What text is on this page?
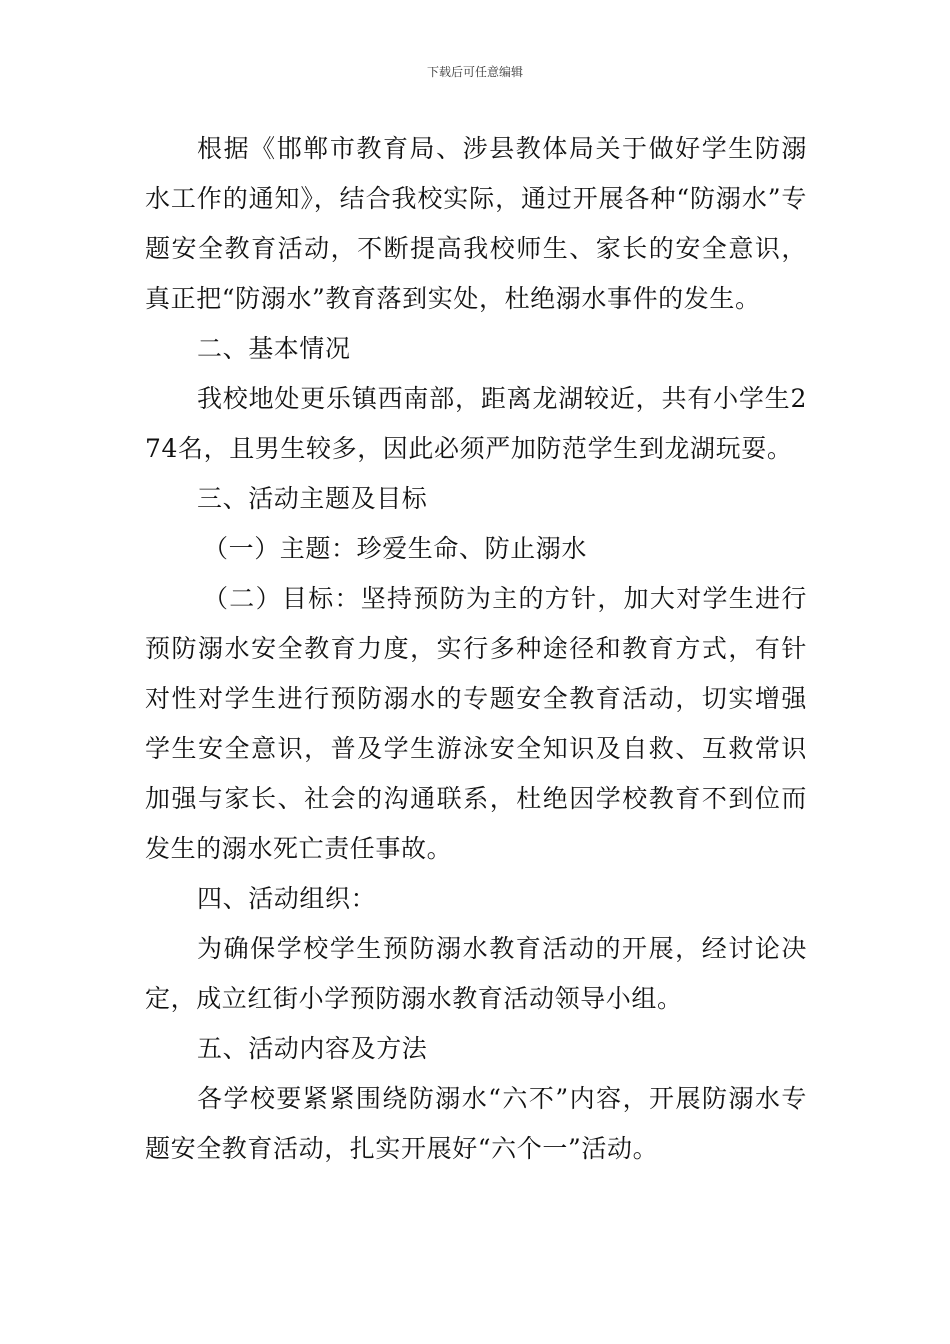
下载后可任意编辑

根据《邯郸市教育局、涉县教体局关于做好学生防溺水工作的通知》，结合我校实际，通过开展各种“防溺水”专题安全教育活动，不断提高我校师生、家长的安全意识，真正把“防溺水”教育落到实处，杜绝溺水事件的发生。

二、基本情况

我校地处更乐镇西南部，距离龙湖较近，共有小学生274名，且男生较多，因此必须严加防范学生到龙湖玩耍。

三、活动主题及目标

（一）主题：珍爱生命、防止溺水

（二）目标：坚持预防为主的方针，加大对学生进行预防溺水安全教育力度，实行多种途径和教育方式，有针对性对学生进行预防溺水的专题安全教育活动，切实增强学生安全意识，普及学生游泳安全知识及自救、互救常识加强与家长、社会的沟通联系，杜绝因学校教育不到位而发生的溺水死亡责任事故。

四、活动组织：

为确保学校学生预防溺水教育活动的开展，经讨论决定，成立红街小学预防溺水教育活动领导小组。

五、活动内容及方法

各学校要紧紧围绕防溺水“六不”内容，开展防溺水专题安全教育活动，扎实开展好“六个一”活动。
